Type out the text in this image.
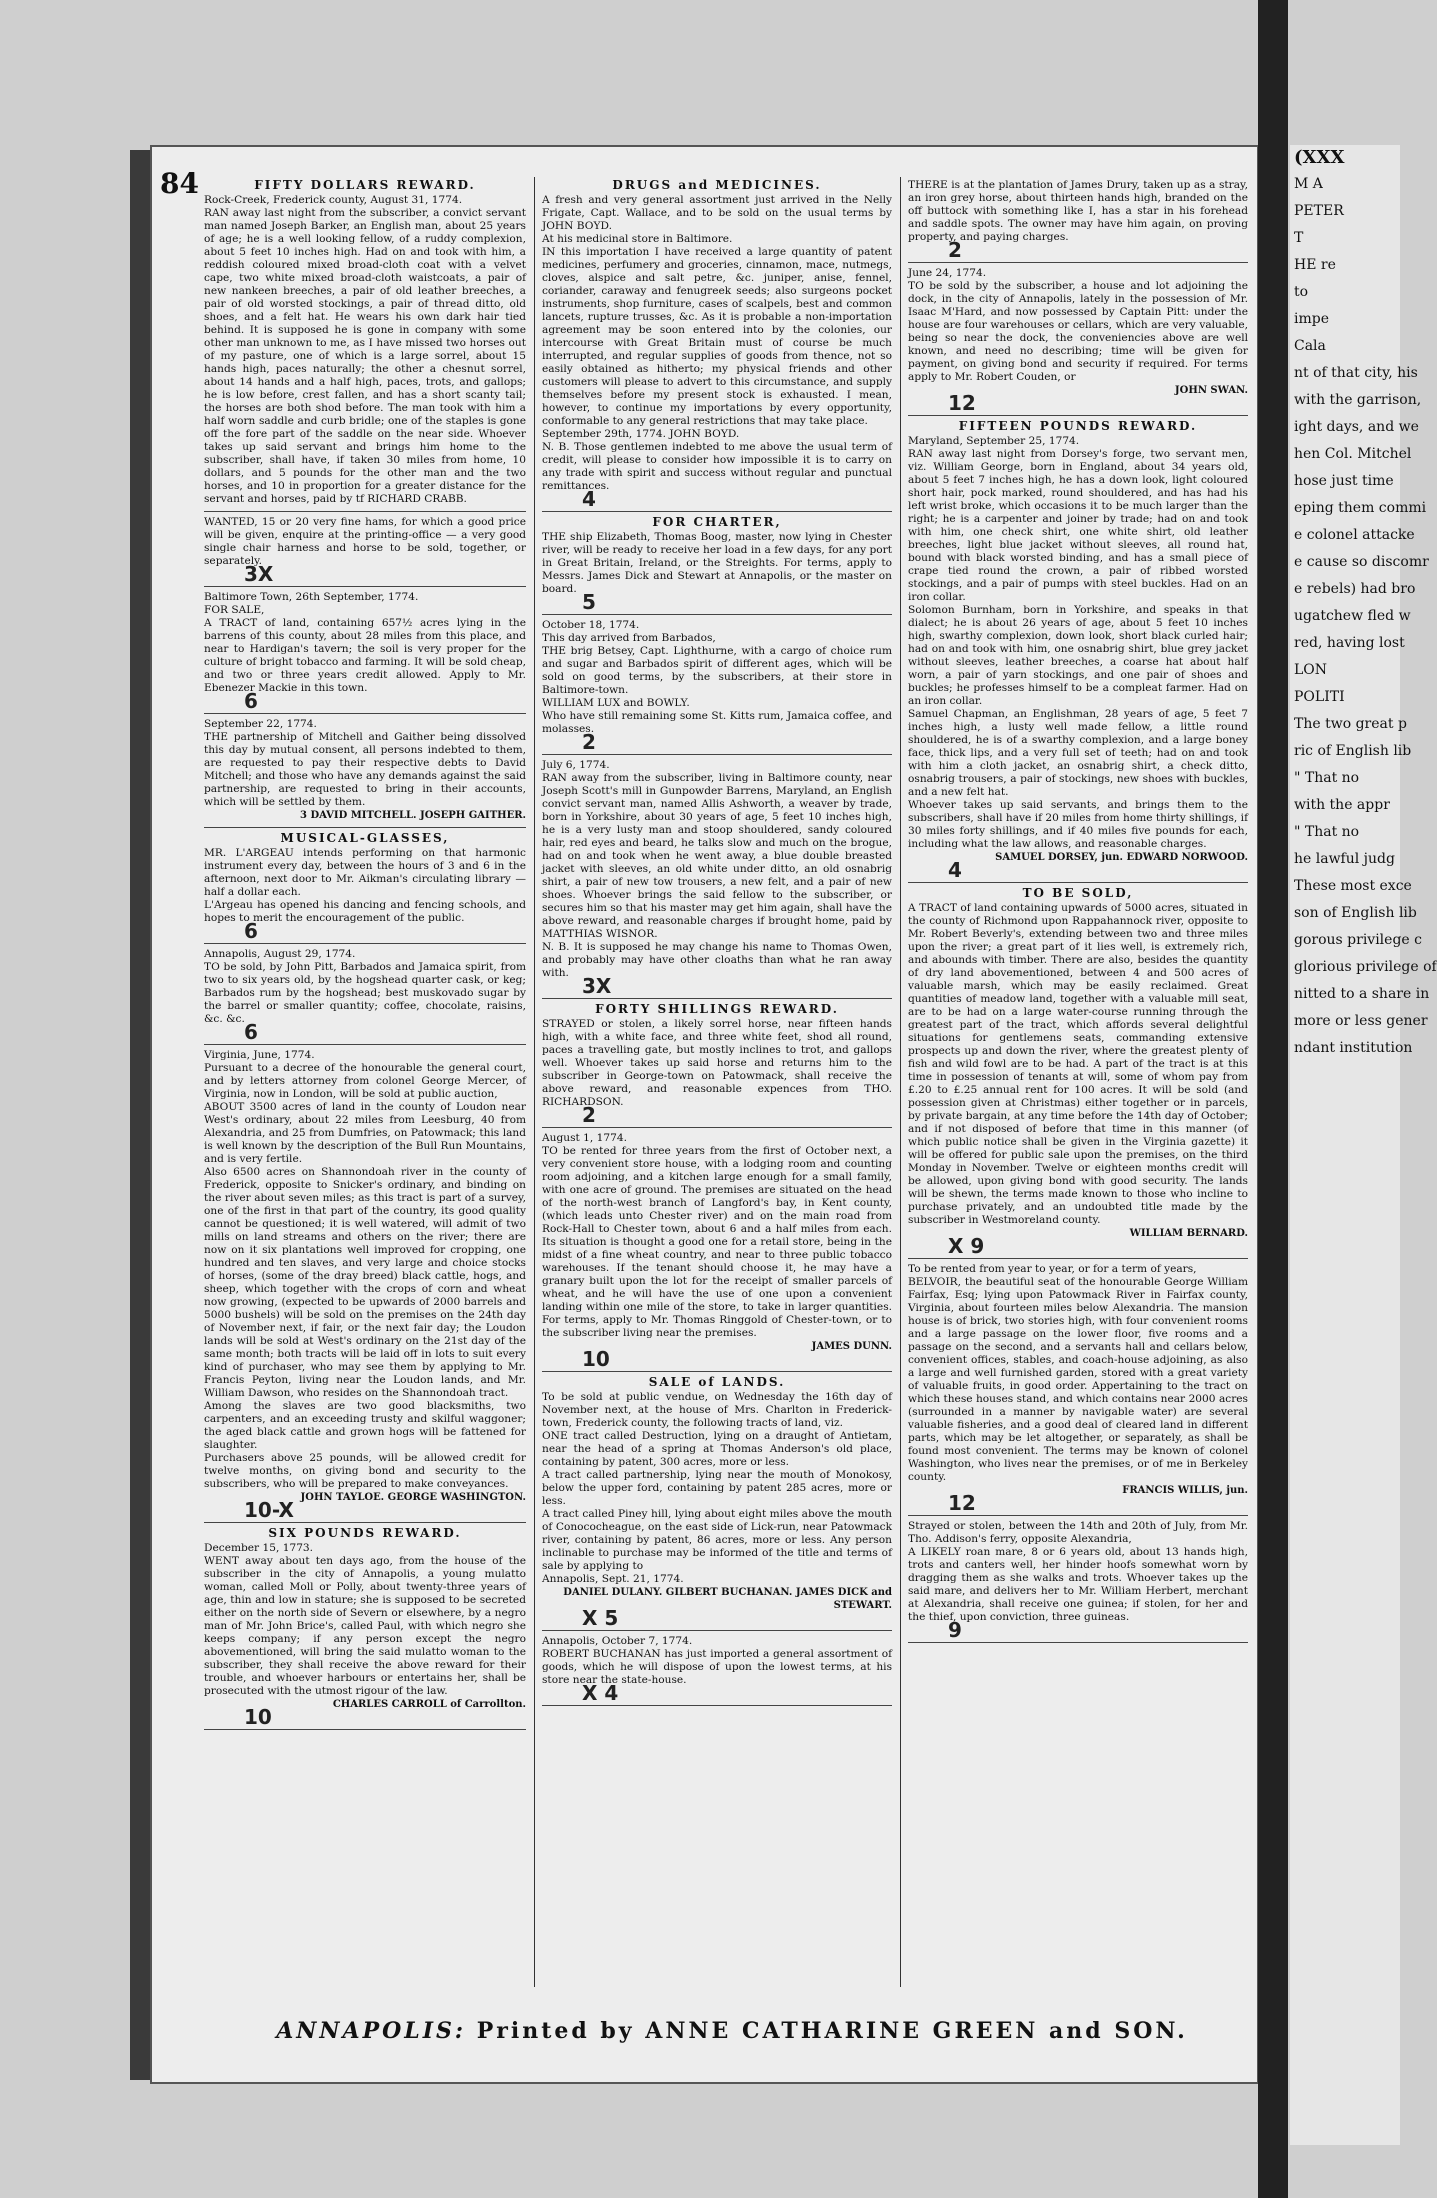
84	FIFTY DOLLARS REWARD.

Rock-Creek, Frederick county, August 31, 1774.

RAN away last night from the subscriber, a convict servant man named Joseph Barker, an English man, about 25 years of age; he is a well looking fellow, of a ruddy complexion, about 5 feet 10 inches high. Had on and took with him, a reddish coloured mixed broad-cloth coat with a velvet cape, two white mixed broad-cloth waistcoats, a pair of new nankeen breeches, a pair of old leather breeches, a pair of old worsted stockings, a pair of thread ditto, old shoes, and a felt hat. He wears his own dark hair tied behind. It is supposed he is gone in company with some other man unknown to me, as I have missed two horses out of my pasture, one of which is a large sorrel, about 15 hands high, paces naturally; the other a chesnut sorrel, about 14 hands and a half high, paces, trots, and gallops; he is low before, crest fallen, and has a short scanty tail; the horses are both shod before. The man took with him a half worn saddle and curb bridle; one of the staples is gone off the fore part of the saddle on the near side. Whoever takes up said servant and brings him home to the subscriber, shall have, if taken 30 miles from home, 10 dollars, and 5 pounds for the other man and the two horses, and 10 in proportion for a greater distance for the servant and horses, paid by tf RICHARD CRABB.

WANTED, 15 or 20 very fine hams, for which a good price will be given, enquire at the printing-office — a very good single chair harness and horse to be sold, together, or separately.

3X

Baltimore Town, 26th September, 1774.

FOR SALE,

A TRACT of land, containing 657½ acres lying in the barrens of this county, about 28 miles from this place, and near to Hardigan's tavern; the soil is very proper for the culture of bright tobacco and farming. It will be sold cheap, and two or three years credit allowed. Apply to Mr. Ebenezer Mackie in this town.

6

September 22, 1774.

THE partnership of Mitchell and Gaither being dissolved this day by mutual consent, all persons indebted to them, are requested to pay their respective debts to David Mitchell; and those who have any demands against the said partnership, are requested to bring in their accounts, which will be settled by them.

3 DAVID MITCHELL. JOSEPH GAITHER.

MUSICAL-GLASSES,

MR. L'ARGEAU intends performing on that harmonic instrument every day, between the hours of 3 and 6 in the afternoon, next door to Mr. Aikman's circulating library — half a dollar each.

L'Argeau has opened his dancing and fencing schools, and hopes to merit the encouragement of the public.

6

Annapolis, August 29, 1774.

TO be sold, by John Pitt, Barbados and Jamaica spirit, from two to six years old, by the hogshead quarter cask, or keg; Barbados rum by the hogshead; best muskovado sugar by the barrel or smaller quantity; coffee, chocolate, raisins, &c. &c.

6

Virginia, June, 1774.

Pursuant to a decree of the honourable the general court, and by letters attorney from colonel George Mercer, of Virginia, now in London, will be sold at public auction,

ABOUT 3500 acres of land in the county of Loudon near West's ordinary, about 22 miles from Leesburg, 40 from Alexandria, and 25 from Dumfries, on Patowmack; this land is well known by the description of the Bull Run Mountains, and is very fertile.

Also 6500 acres on Shannondoah river in the county of Frederick, opposite to Snicker's ordinary, and binding on the river about seven miles; as this tract is part of a survey, one of the first in that part of the country, its good quality cannot be questioned; it is well watered, will admit of two mills on land streams and others on the river; there are now on it six plantations well improved for cropping, one hundred and ten slaves, and very large and choice stocks of horses, (some of the dray breed) black cattle, hogs, and sheep, which together with the crops of corn and wheat now growing, (expected to be upwards of 2000 barrels and 5000 bushels) will be sold on the premises on the 24th day of November next, if fair, or the next fair day; the Loudon lands will be sold at West's ordinary on the 21st day of the same month; both tracts will be laid off in lots to suit every kind of purchaser, who may see them by applying to Mr. Francis Peyton, living near the Loudon lands, and Mr. William Dawson, who resides on the Shannondoah tract.

Among the slaves are two good blacksmiths, two carpenters, and an exceeding trusty and skilful waggoner; the aged black cattle and grown hogs will be fattened for slaughter.

Purchasers above 25 pounds, will be allowed credit for twelve months, on giving bond and security to the subscribers, who will be prepared to make conveyances.

JOHN TAYLOE. GEORGE WASHINGTON.

10-X
SIX POUNDS REWARD.

December 15, 1773.

WENT away about ten days ago, from the house of the subscriber in the city of Annapolis, a young mulatto woman, called Moll or Polly, about twenty-three years of age, thin and low in stature; she is supposed to be secreted either on the north side of Severn or elsewhere, by a negro man of Mr. John Brice's, called Paul, with which negro she keeps company; if any person except the negro abovementioned, will bring the said mulatto woman to the subscriber, they shall receive the above reward for their trouble, and whoever harbours or entertains her, shall be prosecuted with the utmost rigour of the law.

CHARLES CARROLL of Carrollton.

10
DRUGS and MEDICINES.

A fresh and very general assortment just arrived in the Nelly Frigate, Capt. Wallace, and to be sold on the usual terms by JOHN BOYD.

At his medicinal store in Baltimore.

IN this importation I have received a large quantity of patent medicines, perfumery and groceries, cinnamon, mace, nutmegs, cloves, alspice and salt petre, &c. juniper, anise, fennel, coriander, caraway and fenugreek seeds; also surgeons pocket instruments, shop furniture, cases of scalpels, best and common lancets, rupture trusses, &c. As it is probable a non-importation agreement may be soon entered into by the colonies, our intercourse with Great Britain must of course be much interrupted, and regular supplies of goods from thence, not so easily obtained as hitherto; my physical friends and other customers will please to advert to this circumstance, and supply themselves before my present stock is exhausted. I mean, however, to continue my importations by every opportunity, conformable to any general restrictions that may take place.

September 29th, 1774. JOHN BOYD.

N. B. Those gentlemen indebted to me above the usual term of credit, will please to consider how impossible it is to carry on any trade with spirit and success without regular and punctual remittances.

4
FOR CHARTER,

THE ship Elizabeth, Thomas Boog, master, now lying in Chester river, will be ready to receive her load in a few days, for any port in Great Britain, Ireland, or the Streights. For terms, apply to Messrs. James Dick and Stewart at Annapolis, or the master on board.

5

October 18, 1774.

This day arrived from Barbados,

THE brig Betsey, Capt. Lighthurne, with a cargo of choice rum and sugar and Barbados spirit of different ages, which will be sold on good terms, by the subscribers, at their store in Baltimore-town.

WILLIAM LUX and BOWLY.

Who have still remaining some St. Kitts rum, Jamaica coffee, and molasses.

2

July 6, 1774.

RAN away from the subscriber, living in Baltimore county, near Joseph Scott's mill in Gunpowder Barrens, Maryland, an English convict servant man, named Allis Ashworth, a weaver by trade, born in Yorkshire, about 30 years of age, 5 feet 10 inches high, he is a very lusty man and stoop shouldered, sandy coloured hair, red eyes and beard, he talks slow and much on the brogue, had on and took when he went away, a blue double breasted jacket with sleeves, an old white under ditto, an old osnabrig shirt, a pair of new tow trousers, a new felt, and a pair of new shoes. Whoever brings the said fellow to the subscriber, or secures him so that his master may get him again, shall have the above reward, and reasonable charges if brought home, paid by MATTHIAS WISNOR.

N. B. It is supposed he may change his name to Thomas Owen, and probably may have other cloaths than what he ran away with.

3X
FORTY SHILLINGS REWARD.

STRAYED or stolen, a likely sorrel horse, near fifteen hands high, with a white face, and three white feet, shod all round, paces a travelling gate, but mostly inclines to trot, and gallops well. Whoever takes up said horse and returns him to the subscriber in George-town on Patowmack, shall receive the above reward, and reasonable expences from THO. RICHARDSON.

2

August 1, 1774.

TO be rented for three years from the first of October next, a very convenient store house, with a lodging room and counting room adjoining, and a kitchen large enough for a small family, with one acre of ground. The premises are situated on the head of the north-west branch of Langford's bay, in Kent county, (which leads unto Chester river) and on the main road from Rock-Hall to Chester town, about 6 and a half miles from each. Its situation is thought a good one for a retail store, being in the midst of a fine wheat country, and near to three public tobacco warehouses. If the tenant should choose it, he may have a granary built upon the lot for the receipt of smaller parcels of wheat, and he will have the use of one upon a convenient landing within one mile of the store, to take in larger quantities. For terms, apply to Mr. Thomas Ringgold of Chester-town, or to the subscriber living near the premises.

JAMES DUNN.

10
SALE of LANDS.

To be sold at public vendue, on Wednesday the 16th day of November next, at the house of Mrs. Charlton in Frederick-town, Frederick county, the following tracts of land, viz.

ONE tract called Destruction, lying on a draught of Antietam, near the head of a spring at Thomas Anderson's old place, containing by patent, 300 acres, more or less.

A tract called partnership, lying near the mouth of Monokosy, below the upper ford, containing by patent 285 acres, more or less.

A tract called Piney hill, lying about eight miles above the mouth of Conococheague, on the east side of Lick-run, near Patowmack river, containing by patent, 86 acres, more or less. Any person inclinable to purchase may be informed of the title and terms of sale by applying to

Annapolis, Sept. 21, 1774.

DANIEL DULANY. GILBERT BUCHANAN. JAMES DICK and STEWART.

X 5

Annapolis, October 7, 1774.

ROBERT BUCHANAN has just imported a general assortment of goods, which he will dispose of upon the lowest terms, at his store near the state-house.

X 4

THERE is at the plantation of James Drury, taken up as a stray, an iron grey horse, about thirteen hands high, branded on the off buttock with something like I, has a star in his forehead and saddle spots. The owner may have him again, on proving property, and paying charges.

2

June 24, 1774.

TO be sold by the subscriber, a house and lot adjoining the dock, in the city of Annapolis, lately in the possession of Mr. Isaac M'Hard, and now possessed by Captain Pitt: under the house are four warehouses or cellars, which are very valuable, being so near the dock, the conveniencies above are well known, and need no describing; time will be given for payment, on giving bond and security if required. For terms apply to Mr. Robert Couden, or

JOHN SWAN.

12
FIFTEEN POUNDS REWARD.

Maryland, September 25, 1774.

RAN away last night from Dorsey's forge, two servant men, viz. William George, born in England, about 34 years old, about 5 feet 7 inches high, he has a down look, light coloured short hair, pock marked, round shouldered, and has had his left wrist broke, which occasions it to be much larger than the right; he is a carpenter and joiner by trade; had on and took with him, one check shirt, one white shirt, old leather breeches, light blue jacket without sleeves, all round hat, bound with black worsted binding, and has a small piece of crape tied round the crown, a pair of ribbed worsted stockings, and a pair of pumps with steel buckles. Had on an iron collar.

Solomon Burnham, born in Yorkshire, and speaks in that dialect; he is about 26 years of age, about 5 feet 10 inches high, swarthy complexion, down look, short black curled hair; had on and took with him, one osnabrig shirt, blue grey jacket without sleeves, leather breeches, a coarse hat about half worn, a pair of yarn stockings, and one pair of shoes and buckles; he professes himself to be a compleat farmer. Had on an iron collar.

Samuel Chapman, an Englishman, 28 years of age, 5 feet 7 inches high, a lusty well made fellow, a little round shouldered, he is of a swarthy complexion, and a large boney face, thick lips, and a very full set of teeth; had on and took with him a cloth jacket, an osnabrig shirt, a check ditto, osnabrig trousers, a pair of stockings, new shoes with buckles, and a new felt hat.

Whoever takes up said servants, and brings them to the subscribers, shall have if 20 miles from home thirty shillings, if 30 miles forty shillings, and if 40 miles five pounds for each, including what the law allows, and reasonable charges.

SAMUEL DORSEY, jun. EDWARD NORWOOD.

4
TO BE SOLD,

A TRACT of land containing upwards of 5000 acres, situated in the county of Richmond upon Rappahannock river, opposite to Mr. Robert Beverly's, extending between two and three miles upon the river; a great part of it lies well, is extremely rich, and abounds with timber. There are also, besides the quantity of dry land abovementioned, between 4 and 500 acres of valuable marsh, which may be easily reclaimed. Great quantities of meadow land, together with a valuable mill seat, are to be had on a large water-course running through the greatest part of the tract, which affords several delightful situations for gentlemens seats, commanding extensive prospects up and down the river, where the greatest plenty of fish and wild fowl are to be had. A part of the tract is at this time in possession of tenants at will, some of whom pay from £.20 to £.25 annual rent for 100 acres. It will be sold (and possession given at Christmas) either together or in parcels, by private bargain, at any time before the 14th day of October; and if not disposed of before that time in this manner (of which public notice shall be given in the Virginia gazette) it will be offered for public sale upon the premises, on the third Monday in November. Twelve or eighteen months credit will be allowed, upon giving bond with good security. The lands will be shewn, the terms made known to those who incline to purchase privately, and an undoubted title made by the subscriber in Westmoreland county.

WILLIAM BERNARD.

X 9

To be rented from year to year, or for a term of years,

BELVOIR, the beautiful seat of the honourable George William Fairfax, Esq; lying upon Patowmack River in Fairfax county, Virginia, about fourteen miles below Alexandria. The mansion house is of brick, two stories high, with four convenient rooms and a large passage on the lower floor, five rooms and a passage on the second, and a servants hall and cellars below, convenient offices, stables, and coach-house adjoining, as also a large and well furnished garden, stored with a great variety of valuable fruits, in good order. Appertaining to the tract on which these houses stand, and which contains near 2000 acres (surrounded in a manner by navigable water) are several valuable fisheries, and a good deal of cleared land in different parts, which may be let altogether, or separately, as shall be found most convenient. The terms may be known of colonel Washington, who lives near the premises, or of me in Berkeley county.

FRANCIS WILLIS, jun.

12

Strayed or stolen, between the 14th and 20th of July, from Mr. Tho. Addison's ferry, opposite Alexandria,

A LIKELY roan mare, 8 or 6 years old, about 13 hands high, trots and canters well, her hinder hoofs somewhat worn by dragging them as she walks and trots. Whoever takes up the said mare, and delivers her to Mr. William Herbert, merchant at Alexandria, shall receive one guinea; if stolen, for her and the thief, upon conviction, three guineas.

9
ANNAPOLIS: Printed by ANNE CATHARINE GREEN and SON.

(XXX

M A

PETER

T

HE re

to

impe

Cala

nt of that city, his

with the garrison,

ight days, and we

hen Col. Mitchel

hose just time

eping them commi

e colonel attacke

e cause so discomr

e rebels) had bro

ugatchew fled w

red, having lost

LON

POLITI

The two great p

ric of English lib

" That no

with the appr

" That no

he lawful judg

These most exce

son of English lib

gorous privilege c

glorious privilege of

nitted to a share in

more or less gener

ndant institution
